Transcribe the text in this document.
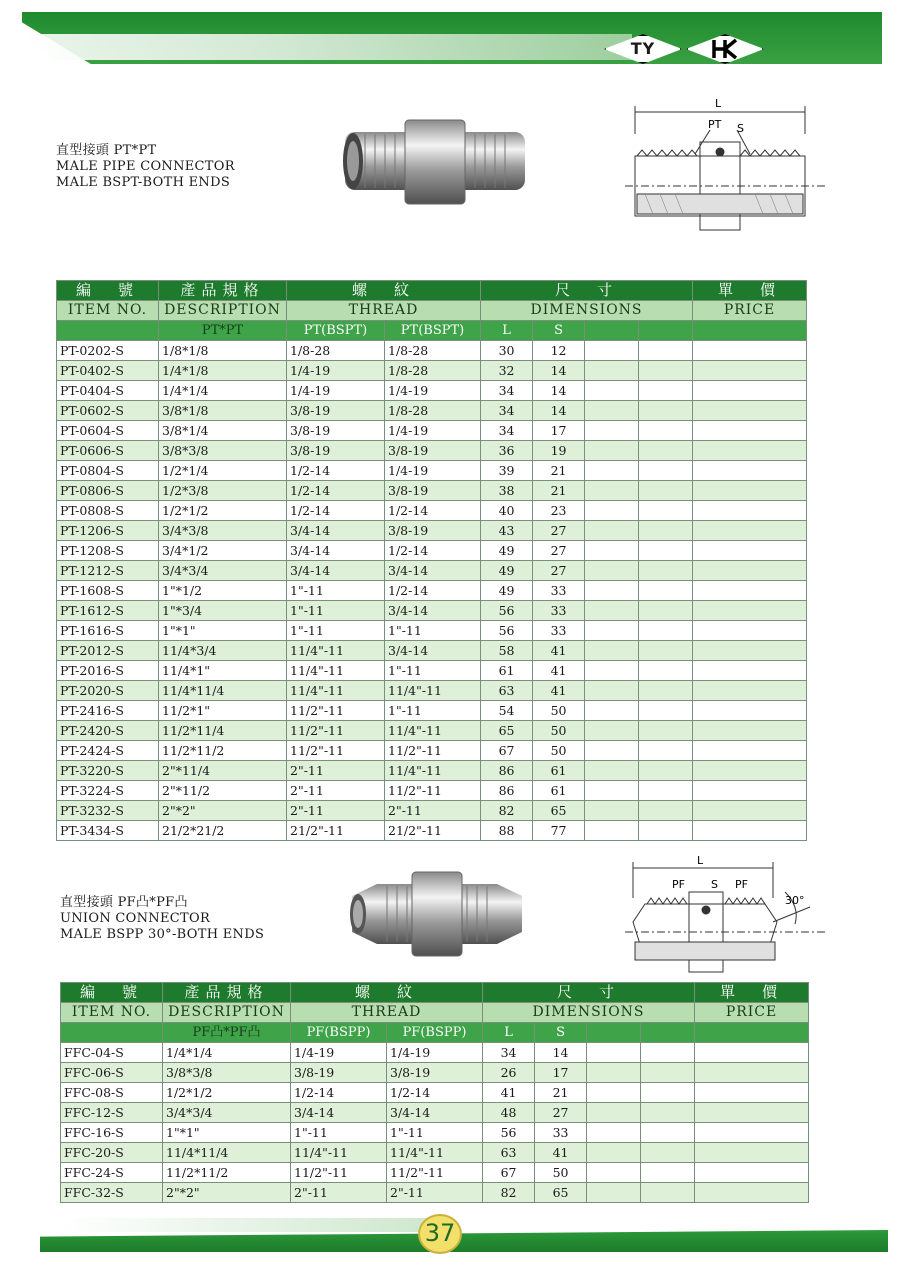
TY
直型接頭 PT*PT
MALE PIPE CONNECTOR
MALE BSPT-BOTH ENDS
L
PT S
編　號	產品規格	螺　紋		尺　寸				單　價
ITEM NO.	DESCRIPTION	THREAD		DIMENSIONS				PRICE
	PT*PT	PT(BSPT)	PT(BSPT)	L	S			
PT-0202-S	1/8*1/8	1/8-28	1/8-28	30	12			
PT-0402-S	1/4*1/8	1/4-19	1/8-28	32	14			
PT-0404-S	1/4*1/4	1/4-19	1/4-19	34	14			
PT-0602-S	3/8*1/8	3/8-19	1/8-28	34	14			
PT-0604-S	3/8*1/4	3/8-19	1/4-19	34	17			
PT-0606-S	3/8*3/8	3/8-19	3/8-19	36	19			
PT-0804-S	1/2*1/4	1/2-14	1/4-19	39	21			
PT-0806-S	1/2*3/8	1/2-14	3/8-19	38	21			
PT-0808-S	1/2*1/2	1/2-14	1/2-14	40	23			
PT-1206-S	3/4*3/8	3/4-14	3/8-19	43	27			
PT-1208-S	3/4*1/2	3/4-14	1/2-14	49	27			
PT-1212-S	3/4*3/4	3/4-14	3/4-14	49	27			
PT-1608-S	1"*1/2	1"-11	1/2-14	49	33			
PT-1612-S	1"*3/4	1"-11	3/4-14	56	33			
PT-1616-S	1"*1"	1"-11	1"-11	56	33			
PT-2012-S	11/4*3/4	11/4"-11	3/4-14	58	41			
PT-2016-S	11/4*1"	11/4"-11	1"-11	61	41			
PT-2020-S	11/4*11/4	11/4"-11	11/4"-11	63	41			
PT-2416-S	11/2*1"	11/2"-11	1"-11	54	50			
PT-2420-S	11/2*11/4	11/2"-11	11/4"-11	65	50			
PT-2424-S	11/2*11/2	11/2"-11	11/2"-11	67	50			
PT-3220-S	2"*11/4	2"-11	11/4"-11	86	61			
PT-3224-S	2"*11/2	2"-11	11/2"-11	86	61			
PT-3232-S	2"*2"	2"-11	2"-11	82	65			
PT-3434-S	21/2*21/2	21/2"-11	21/2"-11	88	77			
直型接頭 PF凸*PF凸
UNION CONNECTOR
MALE BSPP 30°-BOTH ENDS
L
PF S PF
30°
編　號	產品規格	螺　紋		尺　寸				單　價
ITEM NO.	DESCRIPTION	THREAD		DIMENSIONS				PRICE
	PF凸*PF凸	PF(BSPP)	PF(BSPP)	L	S			
FFC-04-S	1/4*1/4	1/4-19	1/4-19	34	14			
FFC-06-S	3/8*3/8	3/8-19	3/8-19	26	17			
FFC-08-S	1/2*1/2	1/2-14	1/2-14	41	21			
FFC-12-S	3/4*3/4	3/4-14	3/4-14	48	27			
FFC-16-S	1"*1"	1"-11	1"-11	56	33			
FFC-20-S	11/4*11/4	11/4"-11	11/4"-11	63	41			
FFC-24-S	11/2*11/2	11/2"-11	11/2"-11	67	50			
FFC-32-S	2"*2"	2"-11	2"-11	82	65			
37
